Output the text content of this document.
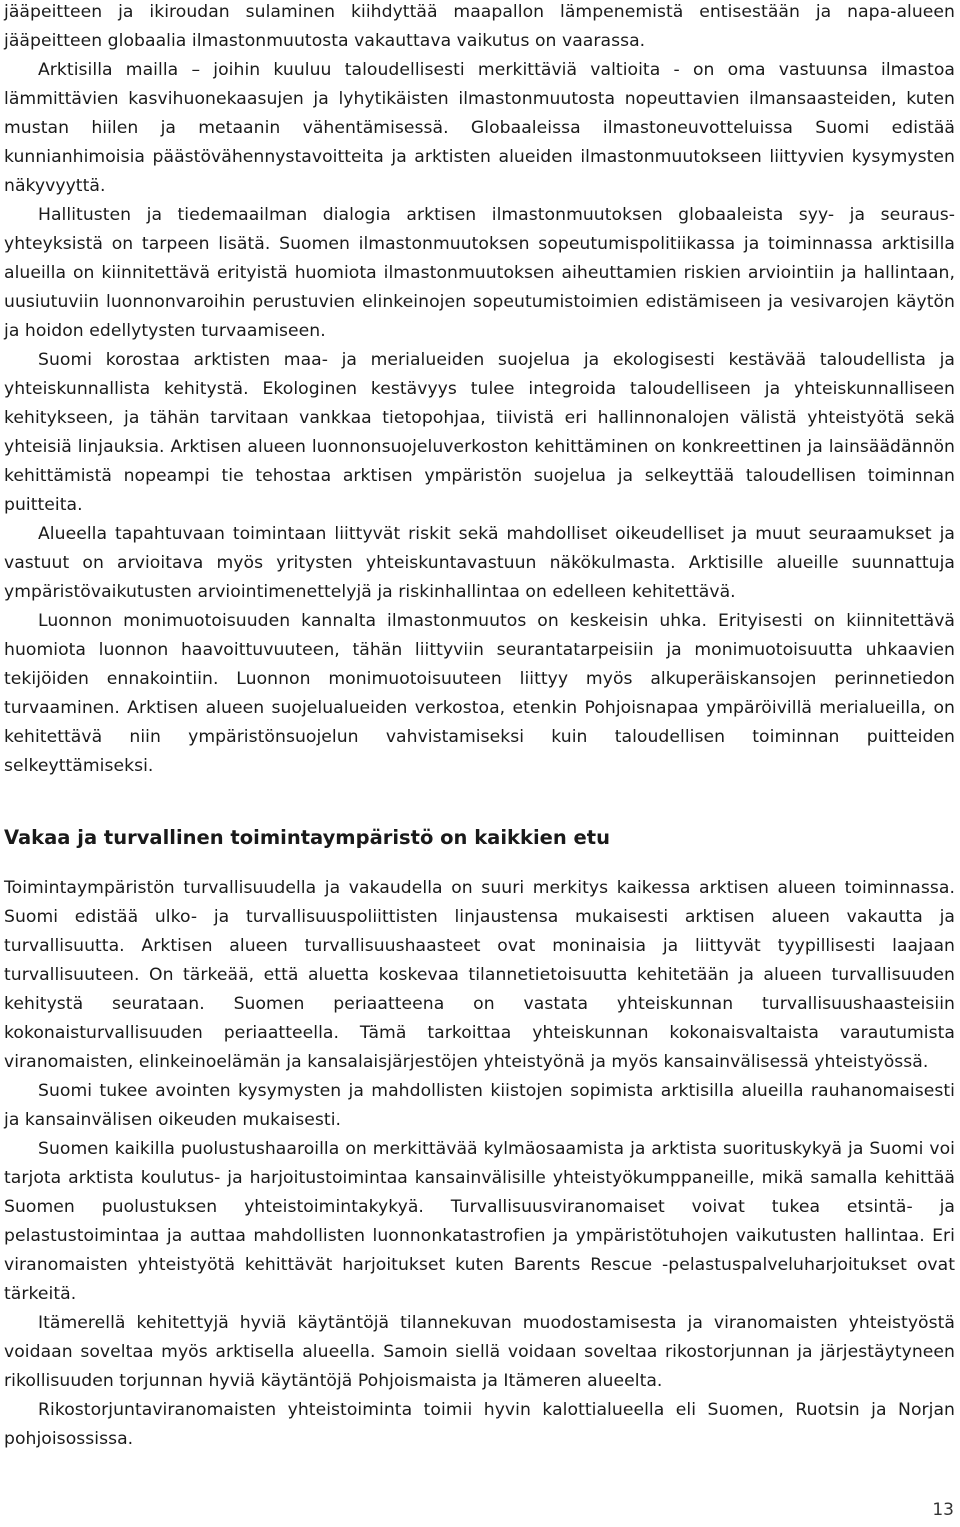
jääpeitteen ja ikiroudan sulaminen kiihdyttää maapallon lämpenemistä entisestään ja napa-alueen jääpeitteen globaalia ilmastonmuutosta vakauttava vaikutus on vaarassa.

Arktisilla mailla – joihin kuuluu taloudellisesti merkittäviä valtioita - on oma vastuunsa ilmastoa lämmittävien kasvihuonekaasujen ja lyhytikäisten ilmastonmuutosta nopeuttavien ilmansaasteiden, kuten mustan hiilen ja metaanin vähentämisessä. Globaaleissa ilmastoneuvotteluissa Suomi edistää kunnianhimoisia päästövähennystavoitteita ja arktisten alueiden ilmastonmuutokseen liittyvien kysymysten näkyvyyttä.

Hallitusten ja tiedemaailman dialogia arktisen ilmastonmuutoksen globaaleista syy- ja seurausyhteyksistä on tarpeen lisätä. Suomen ilmastonmuutoksen sopeutumispolitiikassa ja toiminnassa arktisilla alueilla on kiinnitettävä erityistä huomiota ilmastonmuutoksen aiheuttamien riskien arviointiin ja hallintaan, uusiutuviin luonnonvaroihin perustuvien elinkeinojen sopeutumistoimien edistämiseen ja vesivarojen käytön ja hoidon edellytysten turvaamiseen.

Suomi korostaa arktisten maa- ja merialueiden suojelua ja ekologisesti kestävää taloudellista ja yhteiskunnallista kehitystä. Ekologinen kestävyys tulee integroida taloudelliseen ja yhteiskunnalliseen kehitykseen, ja tähän tarvitaan vankkaa tietopohjaa, tiivistä eri hallinnonalojen välistä yhteistyötä sekä yhteisiä linjauksia. Arktisen alueen luonnonsuojeluverkoston kehittäminen on konkreettinen ja lainsäädännön kehittämistä nopeampi tie tehostaa arktisen ympäristön suojelua ja selkeyttää taloudellisen toiminnan puitteita.

Alueella tapahtuvaan toimintaan liittyvät riskit sekä mahdolliset oikeudelliset ja muut seuraamukset ja vastuut on arvioitava myös yritysten yhteiskuntavastuun näkökulmasta. Arktisille alueille suunnattuja ympäristövaikutusten arviointimenettelyjä ja riskinhallintaa on edelleen kehitettävä.

Luonnon monimuotoisuuden kannalta ilmastonmuutos on keskeisin uhka. Erityisesti on kiinnitettävä huomiota luonnon haavoittuvuuteen, tähän liittyviin seurantatarpeisiin ja monimuotoisuutta uhkaavien tekijöiden ennakointiin. Luonnon monimuotoisuuteen liittyy myös alkuperäiskansojen perinnetiedon turvaaminen. Arktisen alueen suojelualueiden verkostoa, etenkin Pohjoisnapaa ympäröivillä merialueilla, on kehitettävä niin ympäristönsuojelun vahvistamiseksi kuin taloudellisen toiminnan puitteiden selkeyttämiseksi.

Vakaa ja turvallinen toimintaympäristö on kaikkien etu

Toimintaympäristön turvallisuudella ja vakaudella on suuri merkitys kaikessa arktisen alueen toiminnassa. Suomi edistää ulko- ja turvallisuuspoliittisten linjaustensa mukaisesti arktisen alueen vakautta ja turvallisuutta. Arktisen alueen turvallisuushaasteet ovat moninaisia ja liittyvät tyypillisesti laajaan turvallisuuteen. On tärkeää, että aluetta koskevaa tilannetietoisuutta kehitetään ja alueen turvallisuuden kehitystä seurataan. Suomen periaatteena on vastata yhteiskunnan turvallisuushaasteisiin kokonaisturvallisuuden periaatteella. Tämä tarkoittaa yhteiskunnan kokonaisvaltaista varautumista viranomaisten, elinkeinoelämän ja kansalaisjärjestöjen yhteistyönä ja myös kansainvälisessä yhteistyössä.

Suomi tukee avointen kysymysten ja mahdollisten kiistojen sopimista arktisilla alueilla rauhanomaisesti ja kansainvälisen oikeuden mukaisesti.

Suomen kaikilla puolustushaaroilla on merkittävää kylmäosaamista ja arktista suorituskykyä ja Suomi voi tarjota arktista koulutus- ja harjoitustoimintaa kansainvälisille yhteistyökumppaneille, mikä samalla kehittää Suomen puolustuksen yhteistoimintakykyä. Turvallisuusviranomaiset voivat tukea etsintä- ja pelastustoimintaa ja auttaa mahdollisten luonnonkatastrofien ja ympäristötuhojen vaikutusten hallintaa. Eri viranomaisten yhteistyötä kehittävät harjoitukset kuten Barents Rescue -pelastuspalveluharjoitukset ovat tärkeitä.

Itämerellä kehitettyjä hyviä käytäntöjä tilannekuvan muodostamisesta ja viranomaisten yhteistyöstä voidaan soveltaa myös arktisella alueella. Samoin siellä voidaan soveltaa rikostorjunnan ja järjestäytyneen rikollisuuden torjunnan hyviä käytäntöjä Pohjoismaista ja Itämeren alueelta.

Rikostorjuntaviranomaisten yhteistoiminta toimii hyvin kalottialueella eli Suomen, Ruotsin ja Norjan pohjoisossissa.

13
